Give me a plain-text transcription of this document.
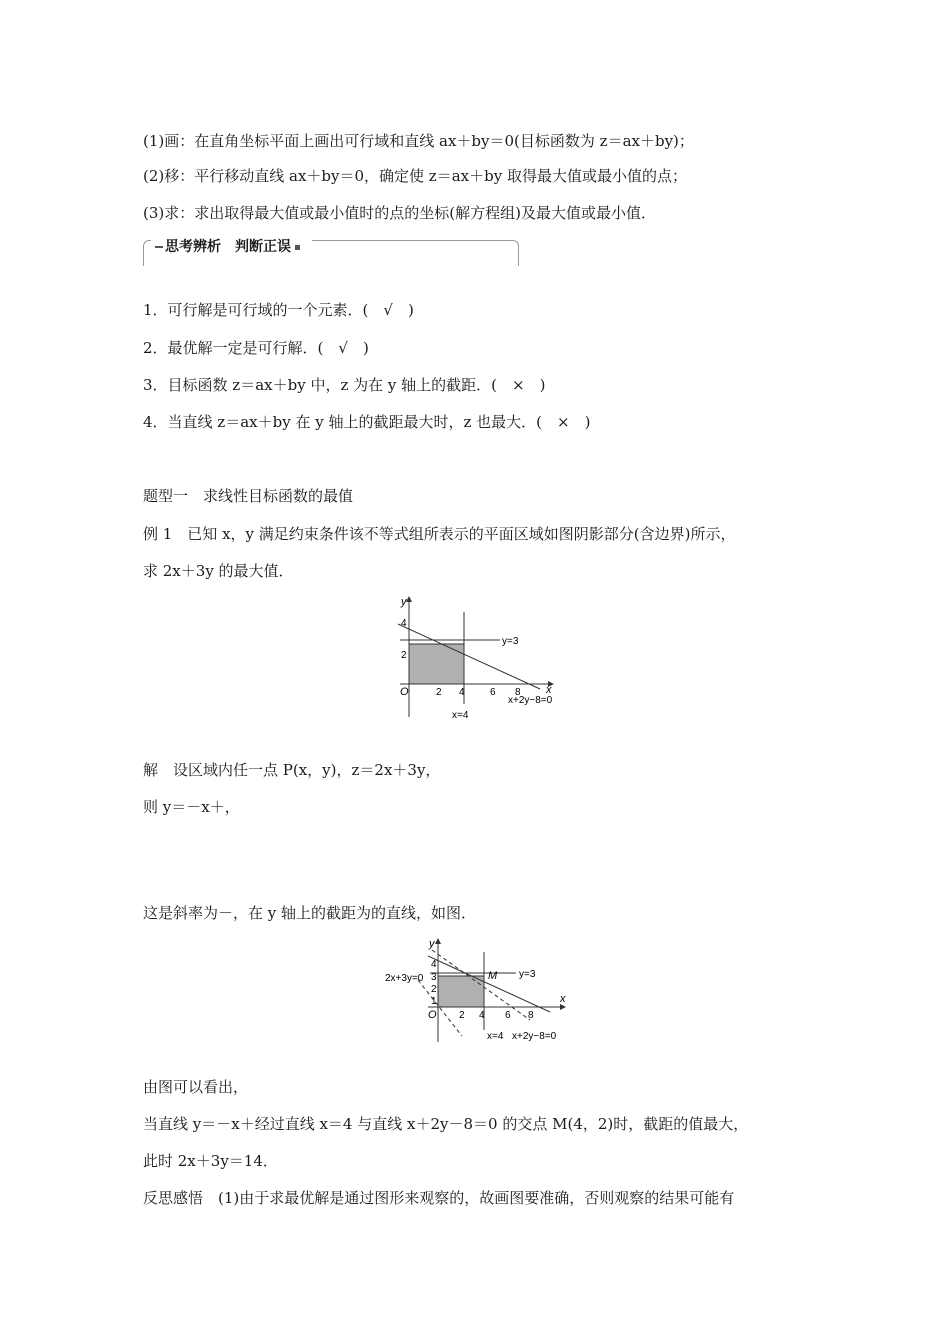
(1)画：在直角坐标平面上画出可行域和直线 ax＋by＝0(目标函数为 z＝ax＋by)；
(2)移：平行移动直线 ax＋by＝0，确定使 z＝ax＋by 取得最大值或最小值的点；
(3)求：求出取得最大值或最小值时的点的坐标(解方程组)及最大值或最小值．
思考辨析　判断正误
1．可行解是可行域的一个元素．(　√　)
2．最优解一定是可行解．(　√　)
3．目标函数 z＝ax＋by 中，z 为在 y 轴上的截距．(　×　)
4．当直线 z＝ax＋by 在 y 轴上的截距最大时，z 也最大．(　×　)
题型一　求线性目标函数的最值
例 1　已知 x，y 满足约束条件该不等式组所表示的平面区域如图阴影部分(含边界)所示，
求 2x＋3y 的最大值．
y
x
O	2 4	6 8
2
4
y=3
x=4
x+2y−8=0
解　设区域内任一点 P(x，y)，z＝2x＋3y，
则 y＝－x＋，
这是斜率为－，在 y 轴上的截距为的直线，如图．
y
x
O 2 4 6 8
1
2
3
4
y=3
x=4 x+2y−8=0
2x+3y=0	M
由图可以看出，
当直线 y＝－x＋经过直线 x＝4 与直线 x＋2y－8＝0 的交点 M(4，2)时，截距的值最大，
此时 2x＋3y＝14．
反思感悟　(1)由于求最优解是通过图形来观察的，故画图要准确，否则观察的结果可能有
